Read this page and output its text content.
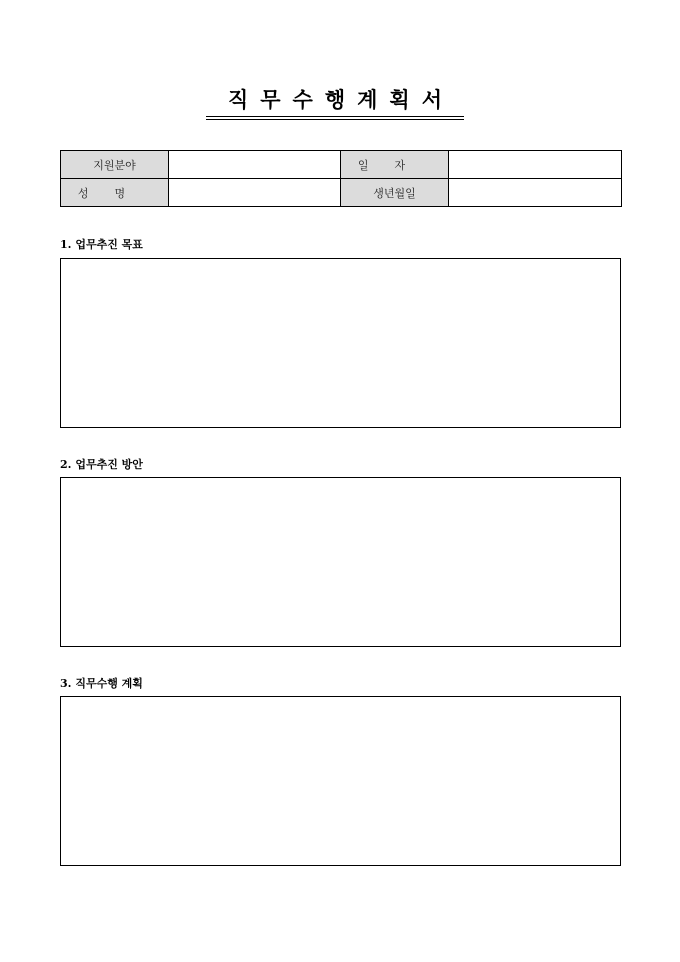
직무수행계획서
지원분야		일자	
성명		생년월일	
1. 업무추진 목표
2. 업무추진 방안
3. 직무수행 계획
